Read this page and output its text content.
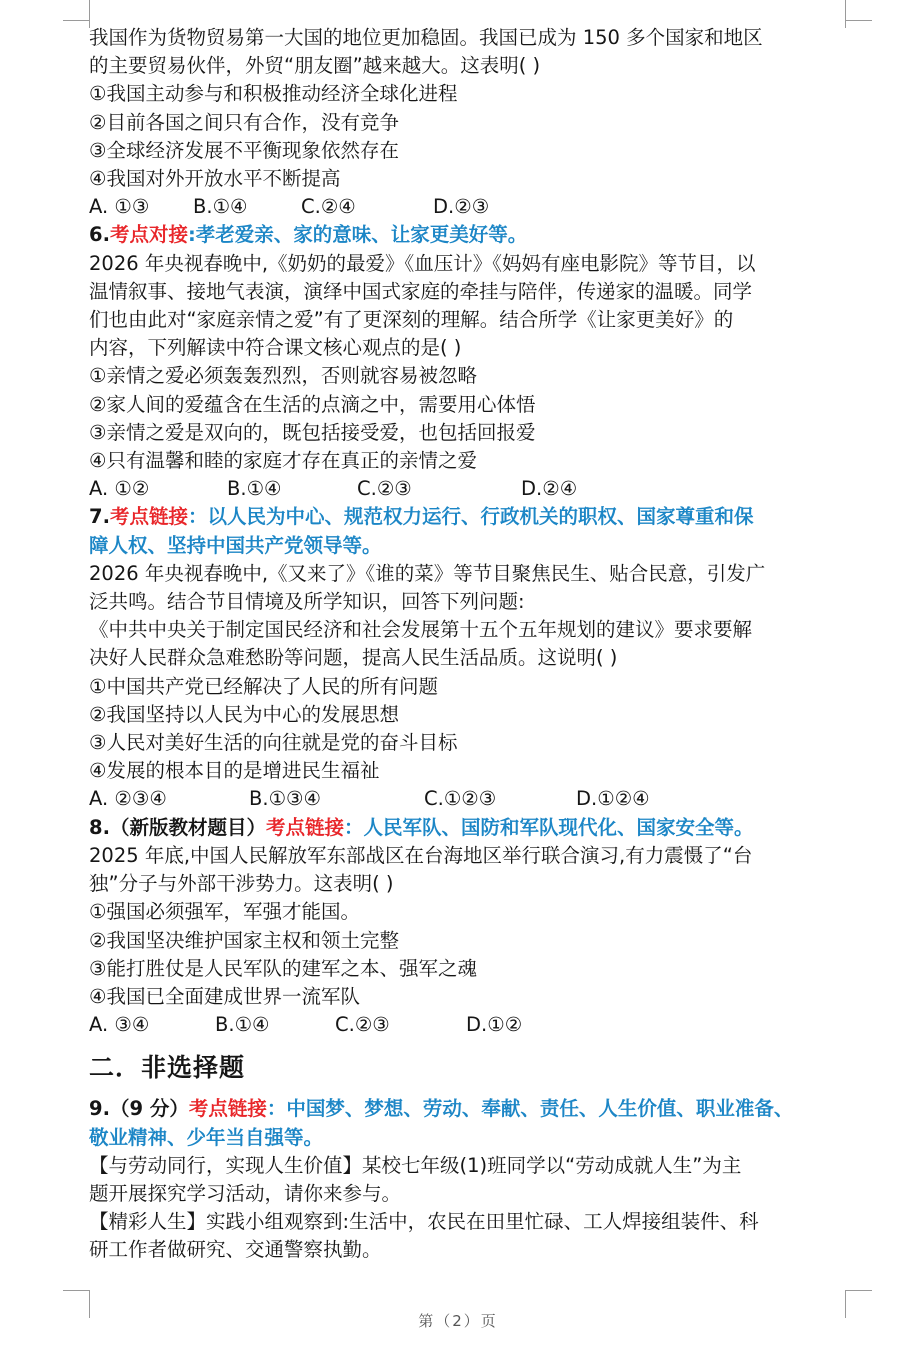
我国作为货物贸易第一大国的地位更加稳固。我国已成为 150 多个国家和地区
的主要贸易伙伴，外贸“朋友圈”越来越大。这表明( )
①我国主动参与和积极推动经济全球化进程
②目前各国之间只有合作，没有竞争
③全球经济发展不平衡现象依然存在
④我国对外开放水平不断提高
A. ①③	B.①④	C.②④	D.②③
6.考点对接:孝老爱亲、家的意味、让家更美好等。
2026 年央视春晚中,《奶奶的最爱》《血压计》《妈妈有座电影院》等节目，以
温情叙事、接地气表演，演绎中国式家庭的牵挂与陪伴，传递家的温暖。同学
们也由此对“家庭亲情之爱”有了更深刻的理解。结合所学《让家更美好》的
内容，下列解读中符合课文核心观点的是( )
①亲情之爱必须轰轰烈烈，否则就容易被忽略
②家人间的爱蕴含在生活的点滴之中，需要用心体悟
③亲情之爱是双向的，既包括接受爱，也包括回报爱
④只有温馨和睦的家庭才存在真正的亲情之爱
A. ①②	B.①④	C.②③	D.②④
7.考点链接：以人民为中心、规范权力运行、行政机关的职权、国家尊重和保
障人权、坚持中国共产党领导等。
2026 年央视春晚中,《又来了》《谁的菜》等节目聚焦民生、贴合民意，引发广
泛共鸣。结合节目情境及所学知识，回答下列问题:
《中共中央关于制定国民经济和社会发展第十五个五年规划的建议》要求要解
决好人民群众急难愁盼等问题，提高人民生活品质。这说明( )
①中国共产党已经解决了人民的所有问题
②我国坚持以人民为中心的发展思想
③人民对美好生活的向往就是党的奋斗目标
④发展的根本目的是增进民生福祉
A. ②③④	B.①③④	C.①②③	D.①②④
8.（新版教材题目）考点链接：人民军队、国防和军队现代化、国家安全等。
2025 年底,中国人民解放军东部战区在台海地区举行联合演习,有力震慑了“台
独”分子与外部干涉势力。这表明( )
①强国必须强军，军强才能国。
②我国坚决维护国家主权和领土完整
③能打胜仗是人民军队的建军之本、强军之魂
④我国已全面建成世界一流军队
A. ③④	B.①④	C.②③	D.①②
二．非选择题
9.（9 分）考点链接：中国梦、梦想、劳动、奉献、责任、人生价值、职业准备、
敬业精神、少年当自强等。
【与劳动同行，实现人生价值】某校七年级(1)班同学以“劳动成就人生”为主
题开展探究学习活动，请你来参与。
【精彩人生】实践小组观察到:生活中，农民在田里忙碌、工人焊接组装件、科
研工作者做研究、交通警察执勤。
第（2）页
